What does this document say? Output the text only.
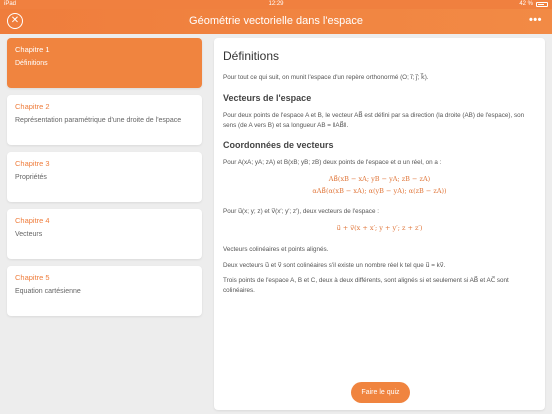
iPad	12:29	42 %
✕	Géométrie vectorielle dans l'espace	•••
Chapitre 1
Définitions
Chapitre 2
Représentation paramétrique d'une droite de l'espace
Chapitre 3
Propriétés
Chapitre 4
Vecteurs
Chapitre 5
Equation cartésienne
Définitions

Pour tout ce qui suit, on munit l'espace d'un repère orthonormé (O; i⃗; j⃗; k⃗).

Vecteurs de l'espace

Pour deux points de l'espace A et B, le vecteur AB⃗ est défini par sa direction (la droite (AB) de l'espace), son sens (de A vers B) et sa longueur AB = ‖AB⃗‖.

Coordonnées de vecteurs

Pour A(xA; yA; zA) et B(xB; yB; zB) deux points de l'espace et α un réel, on a :

AB⃗(xB − xA; yB − yA; zB − zA)
αAB⃗(α(xB − xA); α(yB − yA); α(zB − zA))

Pour u⃗(x; y; z) et v⃗(x′; y′; z′), deux vecteurs de l'espace :

u⃗ + v⃗(x + x′; y + y′; z + z′)

Vecteurs colinéaires et points alignés.

Deux vecteurs u⃗ et v⃗ sont colinéaires s'il existe un nombre réel k tel que u⃗ = kv⃗.

Trois points de l'espace A, B et C, deux à deux différents, sont alignés si et seulement si AB⃗ et AC⃗ sont colinéaires.

Faire le quiz
